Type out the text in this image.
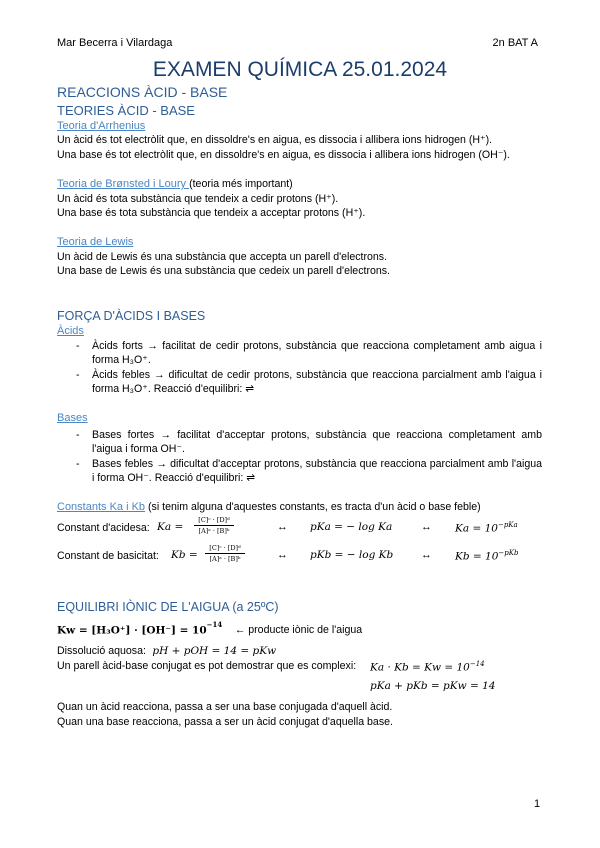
Mar Becerra i Vilardaga	2n BAT A
EXAMEN QUÍMICA 25.01.2024
REACCIONS ÀCID - BASE
TEORIES ÀCID - BASE
Teoria d'Arrhenius
Un àcid és tot electròlit que, en dissoldre's en aigua, es dissocia i allibera ions hidrogen (H⁺).
Una base és tot electròlit que, en dissoldre's en aigua, es dissocia i allibera ions hidrogen (OH⁻).
Teoria de Brønsted i Loury (teoria més important)
Un àcid és tota substància que tendeix a cedir protons (H⁺).
Una base és tota substància que tendeix a acceptar protons (H⁺).
Teoria de Lewis
Un àcid de Lewis és una substància que accepta un parell d'electrons.
Una base de Lewis és una substància que cedeix un parell d'electrons.
FORÇA D'ÀCIDS I BASES
Àcids
- Àcids forts → facilitat de cedir protons, substància que reacciona completament amb aigua i forma H₃O⁺.
- Àcids febles → dificultat de cedir protons, substància que reacciona parcialment amb l'aigua i forma H₃O⁺. Reacció d'equilibri: ⇌
Bases
- Bases fortes → facilitat d'acceptar protons, substància que reacciona completament amb l'aigua i forma OH⁻.
- Bases febles → dificultat d'acceptar protons, substància que reacciona parcialment amb l'aigua i forma OH⁻. Reacció d'equilibri: ⇌
Constants Ka i Kb (si tenim alguna d'aquestes constants, es tracta d'un àcid o base feble)
Constant d'acidesa: $Ka = \frac{\text{[C]ᶜ · [D]ᵈ}}{\text{[A]ᵃ · [B]ᵇ}}$	↔ pKa = − log Ka	↔ $Ka = 10^{-pKa}$
Constant de basicitat: $Kb = \frac{\text{[C]ᶜ · [D]ᵈ}}{\text{[A]ᵃ · [B]ᵇ}}$	↔ pKb = − log Kb	↔ $Kb = 10^{-pKb}$
EQUILIBRI IÒNIC DE L'AIGUA (a 25ºC)
$Kw = [H_3O^+] \cdot [OH^-] = 10^{-14}$ ← producte iònic de l'aigua
Dissolució aquosa: pH + pOH = 14 = pKw
Un parell àcid-base conjugat es pot demostrar que es complexi: $Ka \cdot Kb = Kw = 10^{-14}$
pKa + pKb = pKw = 14
Quan un àcid reacciona, passa a ser una base conjugada d'aquell àcid.
Quan una base reacciona, passa a ser un àcid conjugat d'aquella base.
1
